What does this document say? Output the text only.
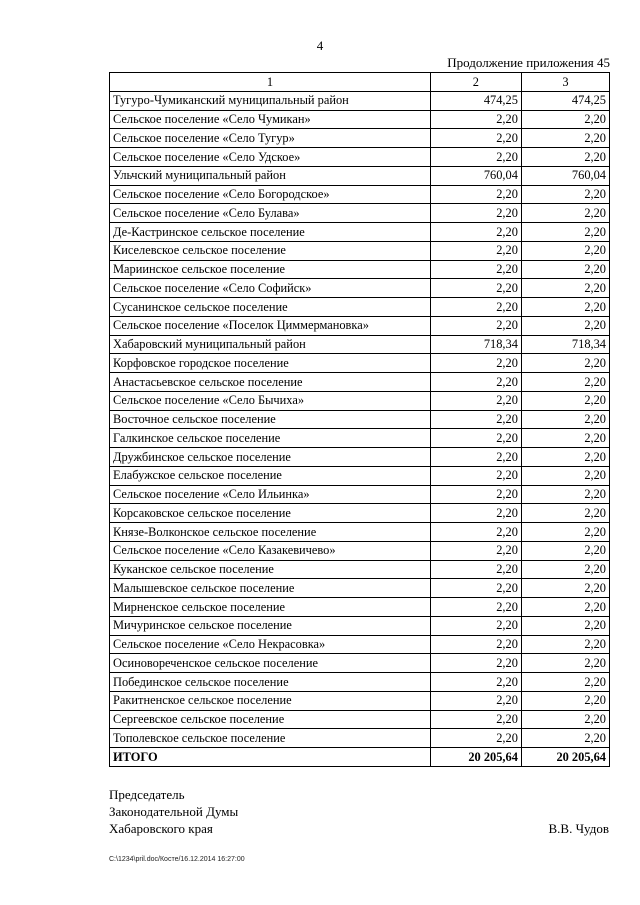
4
Продолжение приложения 45
1	2	3
Тугуро-Чумиканский муниципальный район	474,25	474,25
Сельское поселение «Село Чумикан»	2,20	2,20
Сельское поселение «Село Тугур»	2,20	2,20
Сельское поселение «Село Удское»	2,20	2,20
Ульчский муниципальный район	760,04	760,04
Сельское поселение «Село Богородское»	2,20	2,20
Сельское поселение «Село Булава»	2,20	2,20
Де-Кастринское сельское поселение	2,20	2,20
Киселевское сельское поселение	2,20	2,20
Мариинское сельское поселение	2,20	2,20
Сельское поселение «Село Софийск»	2,20	2,20
Сусанинское сельское поселение	2,20	2,20
Сельское поселение «Поселок Циммермановка»	2,20	2,20
Хабаровский муниципальный район	718,34	718,34
Корфовское городское поселение	2,20	2,20
Анастасьевское сельское поселение	2,20	2,20
Сельское поселение «Село Бычиха»	2,20	2,20
Восточное сельское поселение	2,20	2,20
Галкинское сельское поселение	2,20	2,20
Дружбинское сельское поселение	2,20	2,20
Елабужское сельское поселение	2,20	2,20
Сельское поселение «Село Ильинка»	2,20	2,20
Корсаковское сельское поселение	2,20	2,20
Князе-Волконское сельское поселение	2,20	2,20
Сельское поселение «Село Казакевичево»	2,20	2,20
Куканское сельское поселение	2,20	2,20
Малышевское сельское поселение	2,20	2,20
Мирненское сельское поселение	2,20	2,20
Мичуринское сельское поселение	2,20	2,20
Сельское поселение «Село Некрасовка»	2,20	2,20
Осиновореченское сельское поселение	2,20	2,20
Побединское сельское поселение	2,20	2,20
Ракитненское сельское поселение	2,20	2,20
Сергеевское сельское поселение	2,20	2,20
Тополевское сельское поселение	2,20	2,20
ИТОГО	20 205,64	20 205,64
Председатель
Законодательной Думы
Хабаровского края	В.В. Чудов
C:\1234\pril.doc/Косте/16.12.2014 16:27:00
